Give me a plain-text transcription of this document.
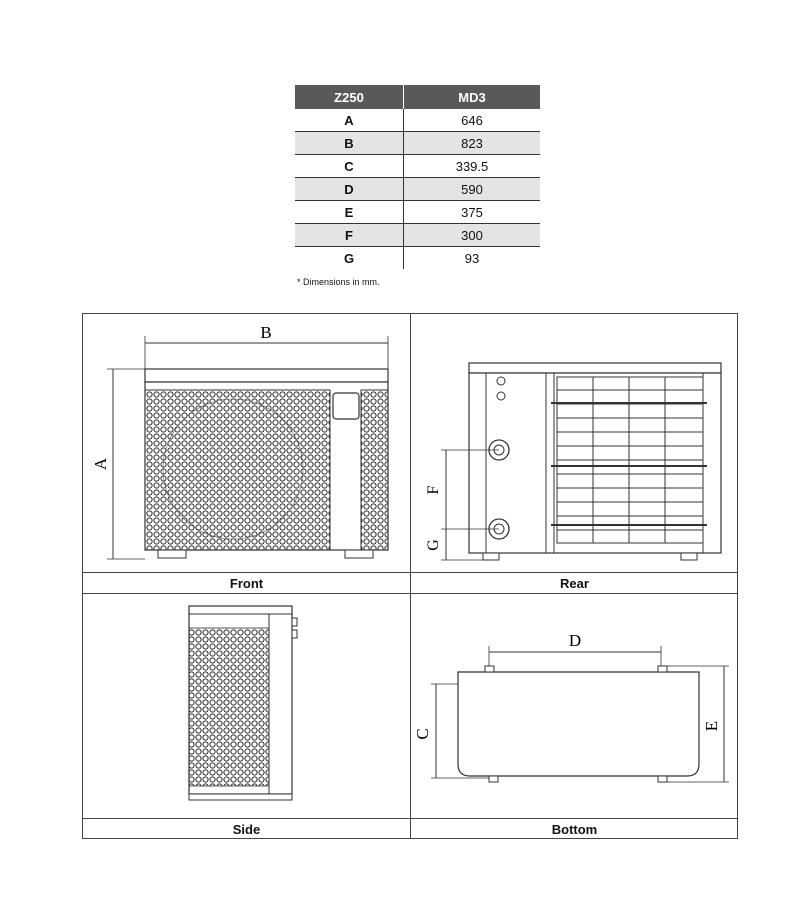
Z250	MD3
A	646
B	823
C	339.5
D	590
E	375
F	300
G	93
* Dimensions in mm.
B
A
Front
F
G
Rear
Side
D
C
E
Bottom
